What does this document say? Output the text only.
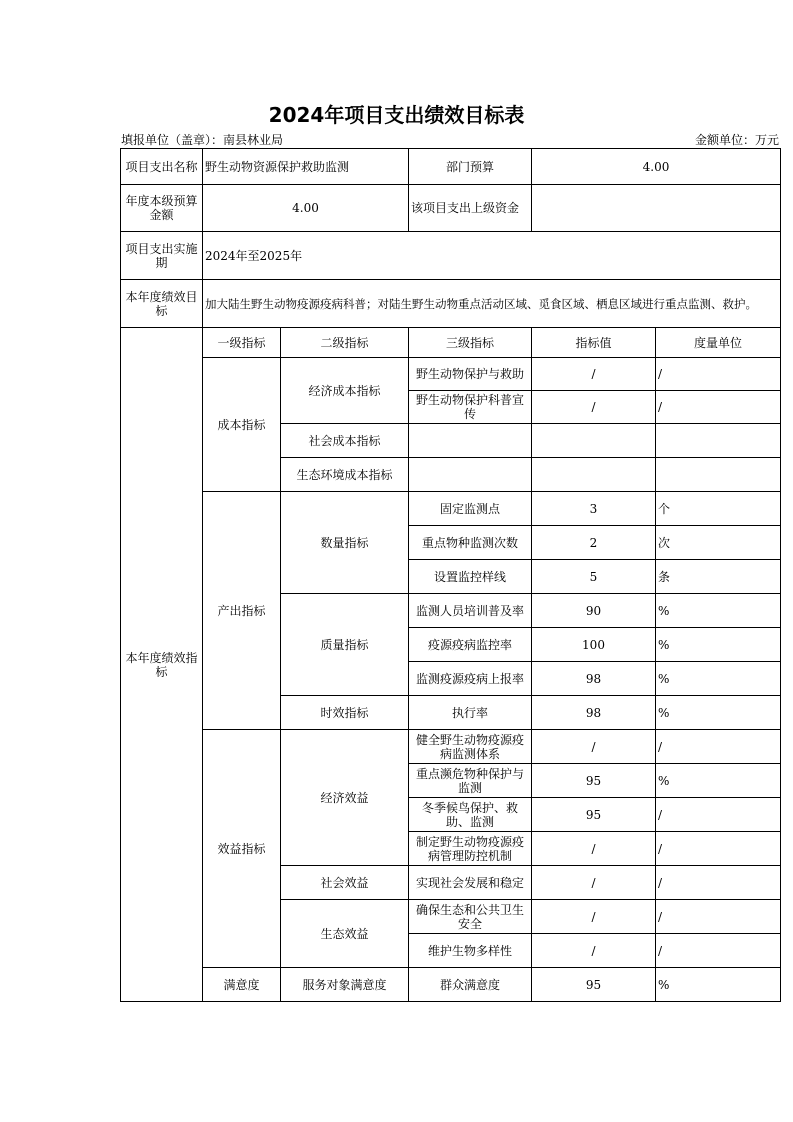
2024年项目支出绩效目标表
填报单位（盖章）：南县林业局	金额单位：万元
项目支出名称	野生动物资源保护救助监测		部门预算	4.00	
年度本级预算金额	4.00		该项目支出上级资金		
项目支出实施期	2024年至2025年				
本年度绩效目标	加大陆生野生动物疫源疫病科普；对陆生野生动物重点活动区域、觅食区域、栖息区域进行重点监测、救护。				
本年度绩效指标	一级指标	二级指标	三级指标	指标值	度量单位
	成本指标	经济成本指标	野生动物保护与救助	/	/
			野生动物保护科普宣传	/	/
		社会成本指标			
		生态环境成本指标			
	产出指标	数量指标	固定监测点	3	个
			重点物种监测次数	2	次
			设置监控样线	5	条
		质量指标	监测人员培训普及率	90	%
			疫源疫病监控率	100	%
			监测疫源疫病上报率	98	%
		时效指标	执行率	98	%
	效益指标	经济效益	健全野生动物疫源疫病监测体系	/	/
			重点濒危物种保护与监测	95	%
			冬季候鸟保护、救助、监测	95	/
			制定野生动物疫源疫病管理防控机制	/	/
		社会效益	实现社会发展和稳定	/	/
		生态效益	确保生态和公共卫生安全	/	/
			维护生物多样性	/	/
	满意度	服务对象满意度	群众满意度	95	%
